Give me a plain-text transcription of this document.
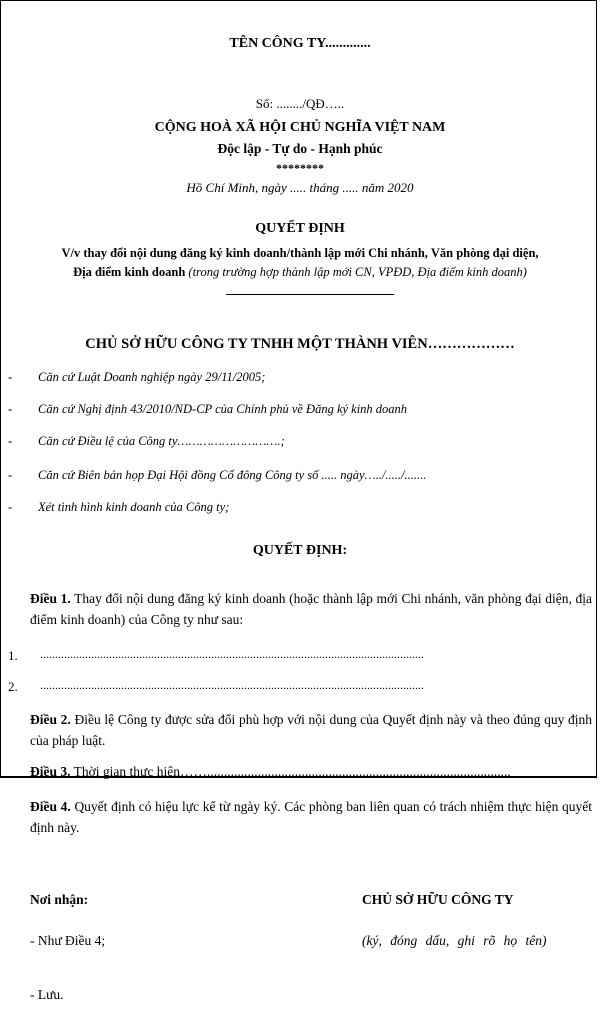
TÊN CÔNG TY.............
Số: ......../QĐ…..
CỘNG HOÀ XÃ HỘI CHỦ NGHĨA VIỆT NAM
Độc lập - Tự do - Hạnh phúc
********
Hồ Chí Minh, ngày ..... tháng ..... năm 2020
QUYẾT ĐỊNH
V/v thay đổi nội dung đăng ký kinh doanh/thành lập mới Chi nhánh, Văn phòng đại diện,
Địa điểm kinh doanh (trong trường hợp thành lập mới CN, VPĐD, Địa điểm kinh doanh)
CHỦ SỞ HỮU CÔNG TY TNHH MỘT THÀNH VIÊN………………
- Căn cứ Luật Doanh nghiệp ngày 29/11/2005;
- Căn cứ Nghị định 43/2010/ND-CP của Chính phủ về Đăng ký kinh doanh
- Căn cứ Điều lệ của Công ty……………………….;
- Căn cứ Biên bản họp Đại Hội đồng Cổ đông Công ty số ..... ngày…../...../.......
- Xét tình hình kinh doanh của Công ty;
QUYẾT ĐỊNH:
Điều 1. Thay đổi nội dung đăng ký kinh doanh (hoặc thành lập mới Chi nhánh, văn phòng đại diện, địa điểm kinh doanh) của Công ty như sau:
1. ................................................................................................................................
2. ................................................................................................................................
Điều 2. Điều lệ Công ty được sửa đổi phù hợp với nội dung của Quyết định này và theo đúng quy định của pháp luật.
Điều 3. Thời gian thực hiện……..........................................................................................
Điều 4. Quyết định có hiệu lực kể từ ngày ký. Các phòng ban liên quan có trách nhiệm thực hiện quyết định này.
Nơi nhận:	CHỦ SỞ HỮU CÔNG TY
- Như Điều 4;	(ký, đóng dấu, ghi rõ họ tên)
- Lưu.
